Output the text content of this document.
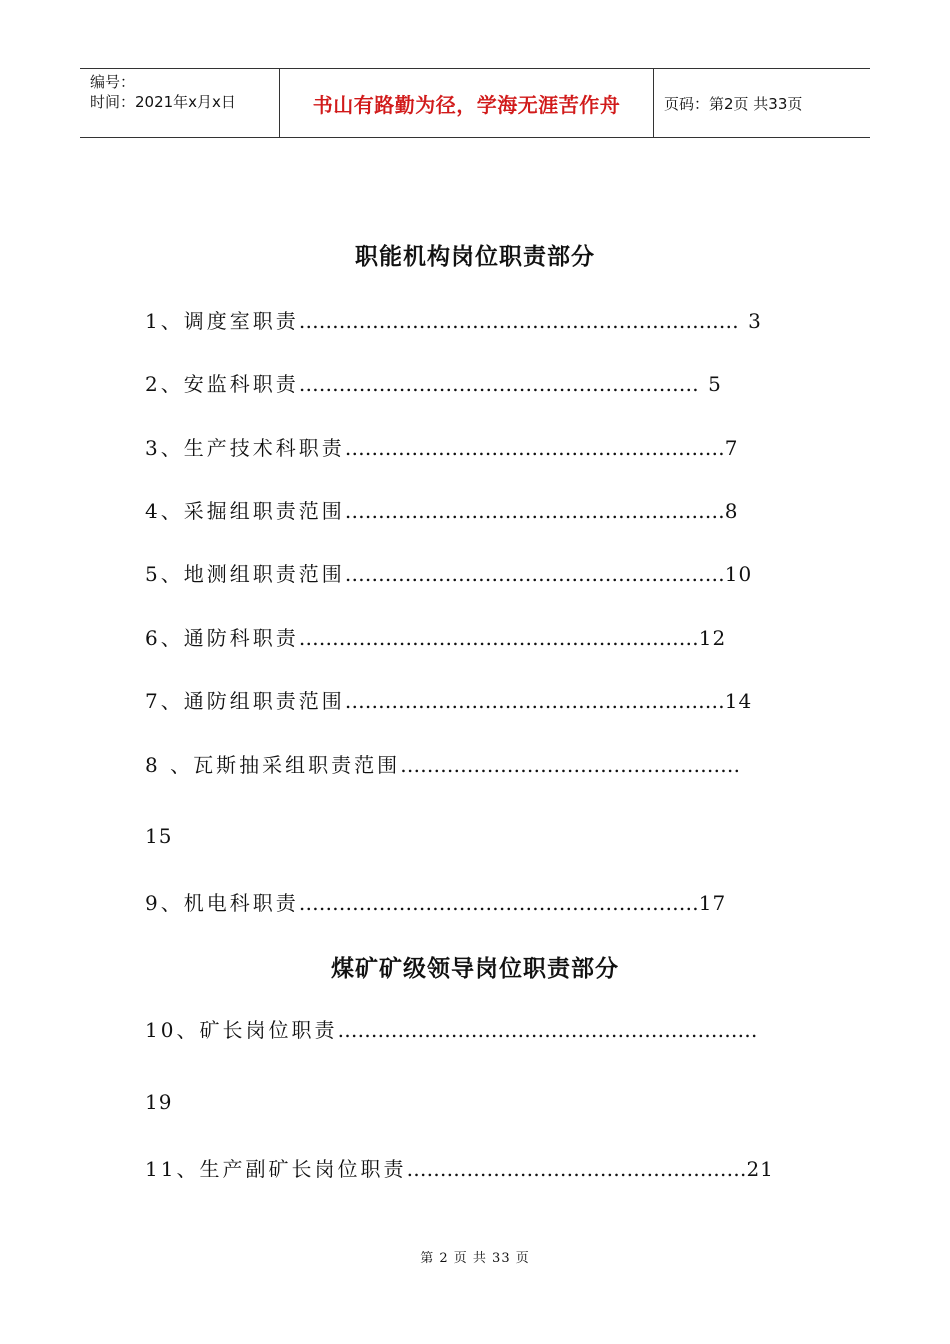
编号：
时间：2021年x月x日	书山有路勤为径，学海无涯苦作舟	页码：第2页 共33页
职能机构岗位职责部分
1、调度室职责………………………………………………………… 3
2、安监科职责…………………………………………………… 5
3、生产技术科职责…………………………………………………7
4、采掘组职责范围…………………………………………………8
5、地测组职责范围…………………………………………………10
6、通防科职责……………………………………………………12
7、通防组职责范围…………………………………………………14
8 、瓦斯抽采组职责范围……………………………………………
15
9、机电科职责……………………………………………………17
煤矿矿级领导岗位职责部分
10、矿长岗位职责………………………………………………………
19
11、生产副矿长岗位职责……………………………………………21
第 2 页 共 33 页
